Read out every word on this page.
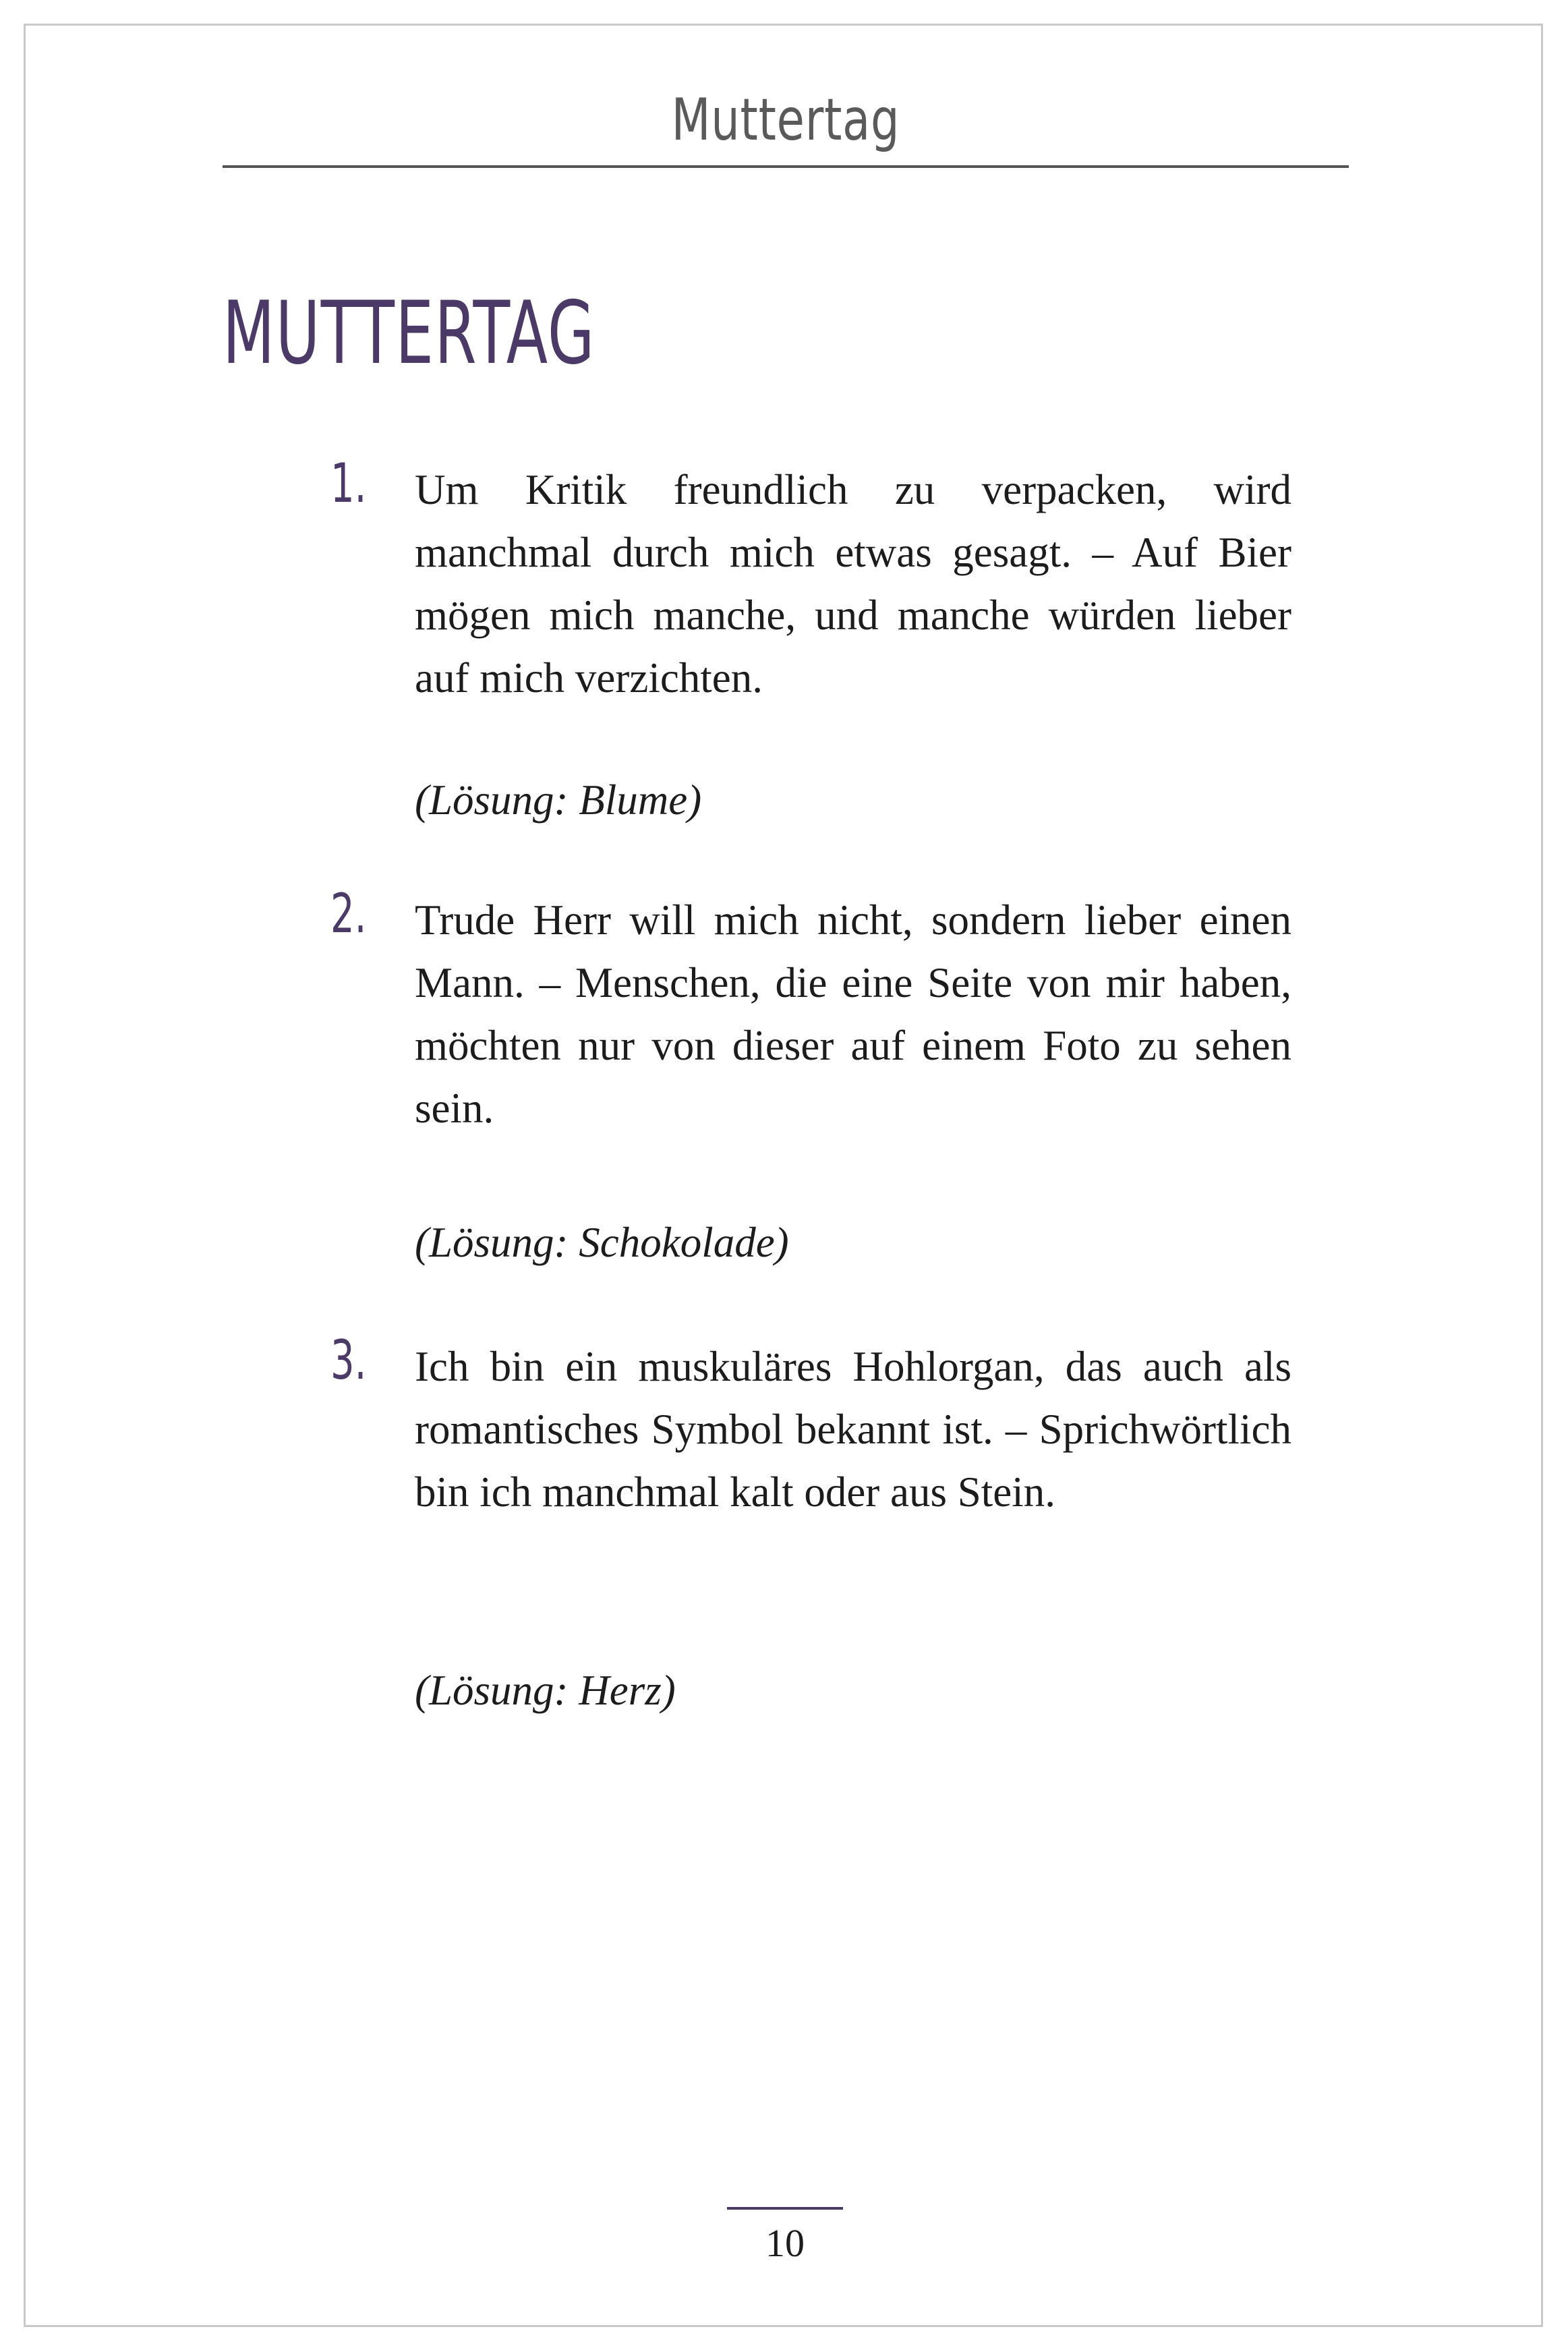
Muttertag
MUTTERTAG
1. Um Kritik freundlich zu verpacken, wird manchmal durch mich etwas gesagt. – Auf Bier mögen mich manche, und manche würden lieber auf mich verzichten.
(Lösung: Blume)
2. Trude Herr will mich nicht, sondern lieber einen Mann. – Menschen, die eine Seite von mir haben, möchten nur von dieser auf einem Foto zu sehen sein.
(Lösung: Schokolade)
3. Ich bin ein muskuläres Hohlorgan, das auch als romantisches Symbol bekannt ist. – Sprichwörtlich bin ich manchmal kalt oder aus Stein.
(Lösung: Herz)
10
